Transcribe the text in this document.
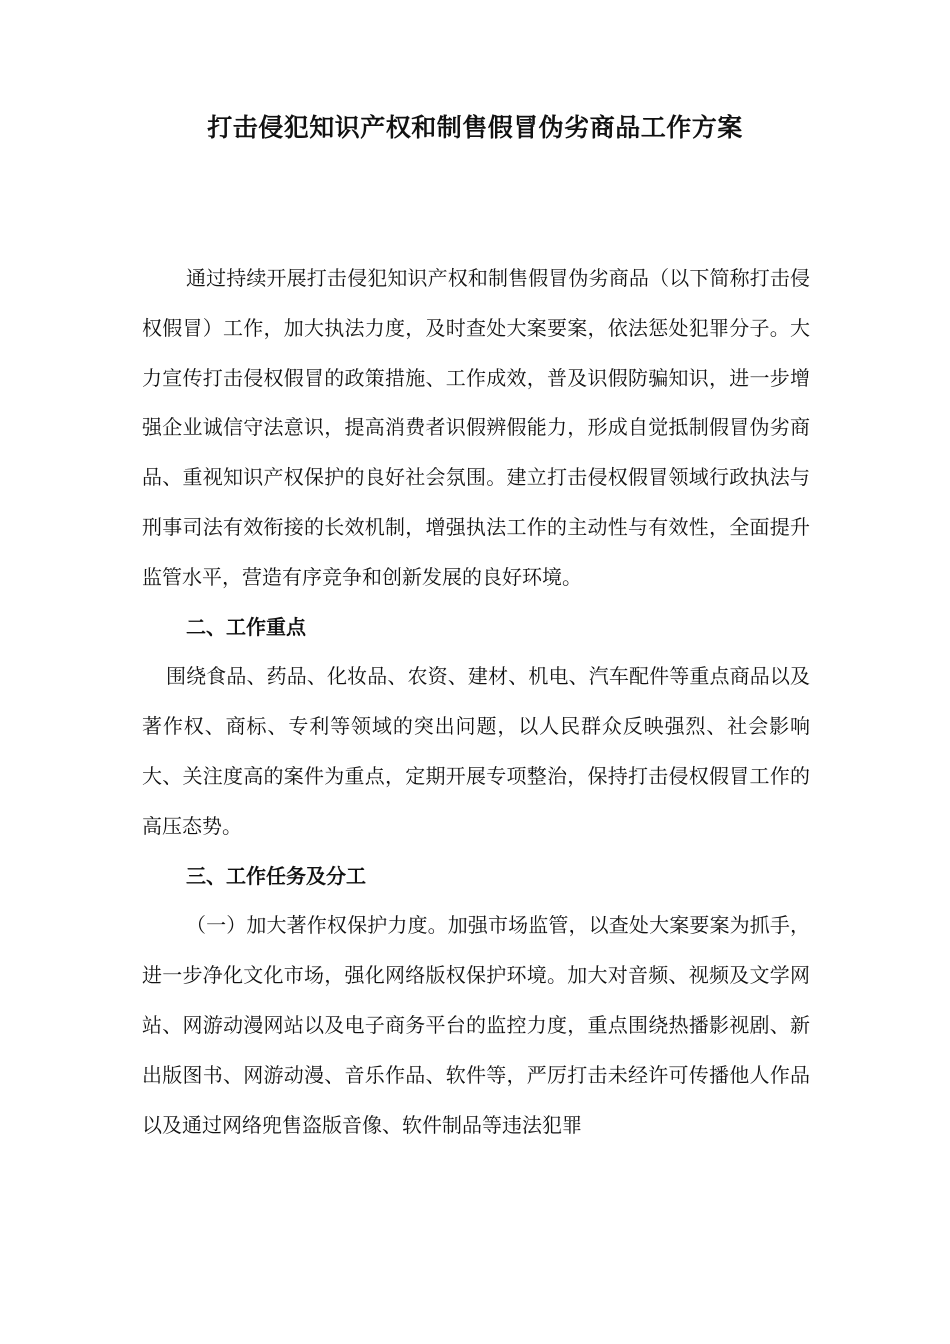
打击侵犯知识产权和制售假冒伪劣商品工作方案

通过持续开展打击侵犯知识产权和制售假冒伪劣商品（以下简称打击侵权假冒）工作，加大执法力度，及时查处大案要案，依法惩处犯罪分子。大力宣传打击侵权假冒的政策措施、工作成效，普及识假防骗知识，进一步增强企业诚信守法意识，提高消费者识假辨假能力，形成自觉抵制假冒伪劣商品、重视知识产权保护的良好社会氛围。建立打击侵权假冒领域行政执法与刑事司法有效衔接的长效机制，增强执法工作的主动性与有效性，全面提升监管水平，营造有序竞争和创新发展的良好环境。

二、工作重点

围绕食品、药品、化妆品、农资、建材、机电、汽车配件等重点商品以及著作权、商标、专利等领域的突出问题，以人民群众反映强烈、社会影响大、关注度高的案件为重点，定期开展专项整治，保持打击侵权假冒工作的高压态势。

三、工作任务及分工

（一）加大著作权保护力度。加强市场监管，以查处大案要案为抓手，进一步净化文化市场，强化网络版权保护环境。加大对音频、视频及文学网站、网游动漫网站以及电子商务平台的监控力度，重点围绕热播影视剧、新出版图书、网游动漫、音乐作品、软件等，严厉打击未经许可传播他人作品以及通过网络兜售盗版音像、软件制品等违法犯罪
